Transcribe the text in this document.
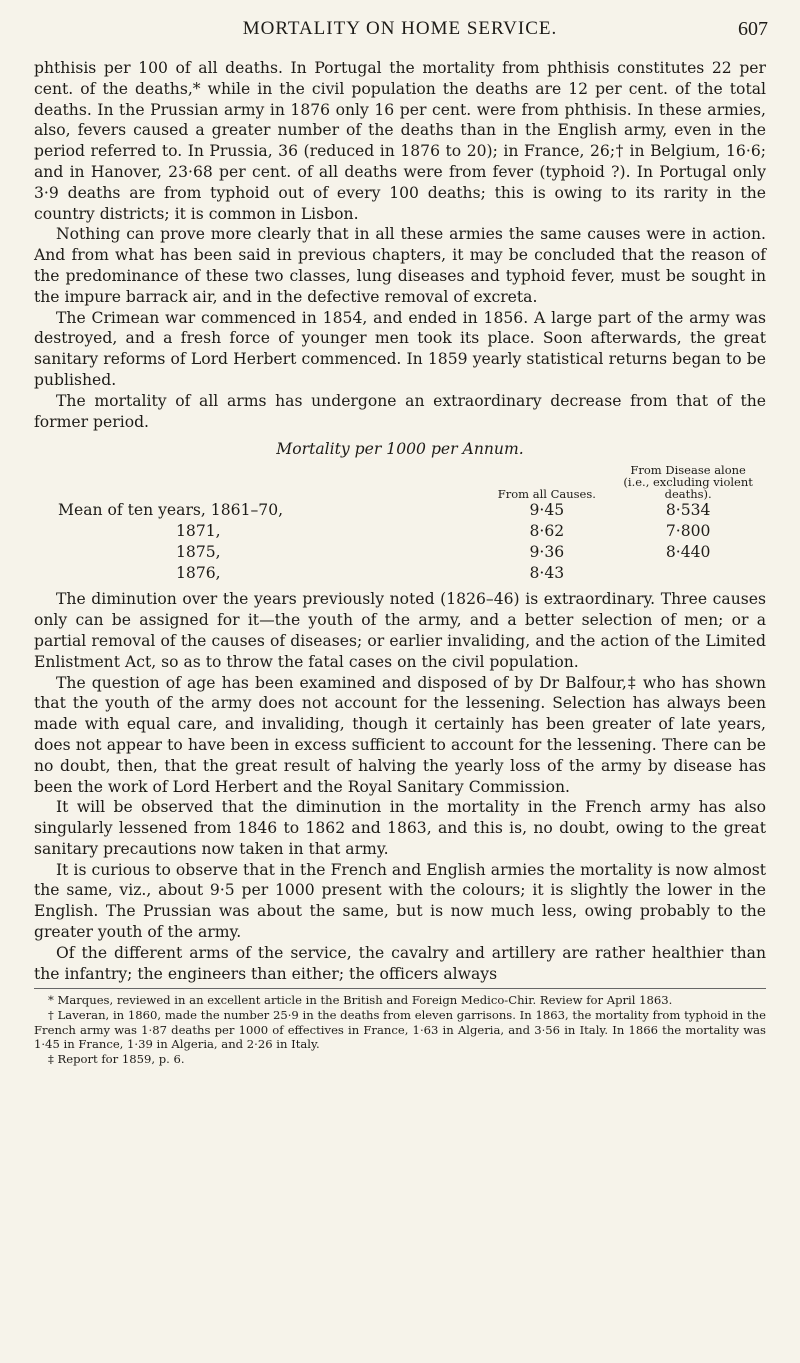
MORTALITY ON HOME SERVICE.	607

phthisis per 100 of all deaths. In Portugal the mortality from phthisis constitutes 22 per cent. of the deaths,* while in the civil population the deaths are 12 per cent. of the total deaths. In the Prussian army in 1876 only 16 per cent. were from phthisis. In these armies, also, fevers caused a greater number of the deaths than in the English army, even in the period referred to. In Prussia, 36 (reduced in 1876 to 20); in France, 26;† in Belgium, 16·6; and in Hanover, 23·68 per cent. of all deaths were from fever (typhoid ?). In Portugal only 3·9 deaths are from typhoid out of every 100 deaths; this is owing to its rarity in the country districts; it is common in Lisbon.

Nothing can prove more clearly that in all these armies the same causes were in action. And from what has been said in previous chapters, it may be concluded that the reason of the predominance of these two classes, lung diseases and typhoid fever, must be sought in the impure barrack air, and in the defective removal of excreta.

The Crimean war commenced in 1854, and ended in 1856. A large part of the army was destroyed, and a fresh force of younger men took its place. Soon afterwards, the great sanitary reforms of Lord Herbert commenced. In 1859 yearly statistical returns began to be published.

The mortality of all arms has undergone an extraordinary decrease from that of the former period.

Mortality per 1000 per Annum.
	From all Causes.	From Disease alone (i.e., excluding violent deaths).
Mean of ten years, 1861–70,	9·45	8·534
1871,	8·62	7·800
1875,	9·36	8·440
1876,	8·43	

The diminution over the years previously noted (1826–46) is extraordinary. Three causes only can be assigned for it—the youth of the army, and a better selection of men; or a partial removal of the causes of diseases; or earlier invaliding, and the action of the Limited Enlistment Act, so as to throw the fatal cases on the civil population.

The question of age has been examined and disposed of by Dr Balfour,‡ who has shown that the youth of the army does not account for the lessening. Selection has always been made with equal care, and invaliding, though it certainly has been greater of late years, does not appear to have been in excess sufficient to account for the lessening. There can be no doubt, then, that the great result of halving the yearly loss of the army by disease has been the work of Lord Herbert and the Royal Sanitary Commission.

It will be observed that the diminution in the mortality in the French army has also singularly lessened from 1846 to 1862 and 1863, and this is, no doubt, owing to the great sanitary precautions now taken in that army.

It is curious to observe that in the French and English armies the mortality is now almost the same, viz., about 9·5 per 1000 present with the colours; it is slightly the lower in the English. The Prussian was about the same, but is now much less, owing probably to the greater youth of the army.

Of the different arms of the service, the cavalry and artillery are rather healthier than the infantry; the engineers than either; the officers always

* Marques, reviewed in an excellent article in the British and Foreign Medico-Chir. Review for April 1863.

† Laveran, in 1860, made the number 25·9 in the deaths from eleven garrisons. In 1863, the mortality from typhoid in the French army was 1·87 deaths per 1000 of effectives in France, 1·63 in Algeria, and 3·56 in Italy. In 1866 the mortality was 1·45 in France, 1·39 in Algeria, and 2·26 in Italy.

‡ Report for 1859, p. 6.
